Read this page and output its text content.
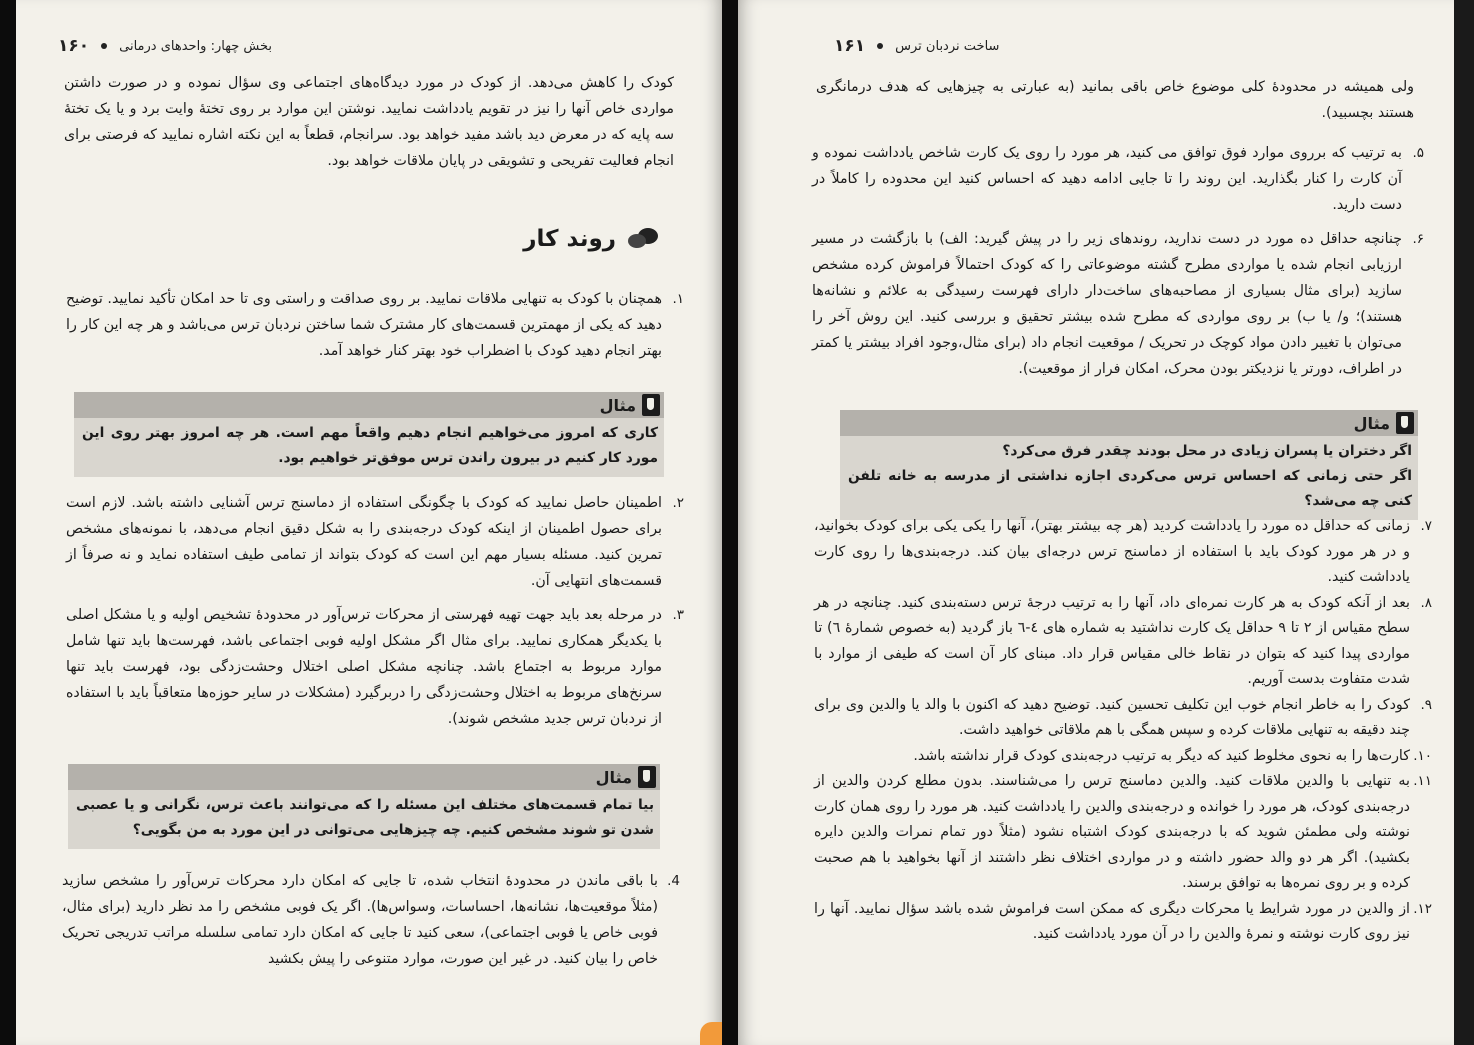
۱۶۰ بخش چهار: واحدهای درمانی

کودک را کاهش می‌دهد. از کودک در مورد دیدگاه‌های اجتماعی وی سؤال نموده و در صورت داشتن مواردی خاص آنها را نیز در تقویم یادداشت نمایید. نوشتن این موارد بر روی تختهٔ وایت برد و یا یک تختهٔ سه پایه که در معرض دید باشد مفید خواهد بود. سرانجام، قطعاً به این نکته اشاره نمایید که فرصتی برای انجام فعالیت تفریحی و تشویقی در پایان ملاقات خواهد بود.

روند کار
۱.
همچنان با کودک به تنهایی ملاقات نمایید. بر روی صداقت و راستی وی تا حد امکان تأکید نمایید. توضیح دهید که یکی از مهمترین قسمت‌های کار مشترک شما ساختن نردبان ترس می‌باشد و هر چه این کار را بهتر انجام دهید کودک با اضطراب خود بهتر کنار خواهد آمد.
مثال

کاری که امروز می‌خواهیم انجام دهیم واقعاً مهم است. هر چه امروز بهتر روی این مورد کار کنیم در بیرون راندن ترس موفق‌تر خواهیم بود.

۲.
اطمینان حاصل نمایید که کودک با چگونگی استفاده از دماسنج ترس آشنایی داشته باشد. لازم است برای حصول اطمینان از اینکه کودک درجه‌بندی را به شکل دقیق انجام می‌دهد، با نمونه‌های مشخص تمرین کنید. مسئله بسیار مهم این است که کودک بتواند از تمامی طیف استفاده نماید و نه صرفاً از قسمت‌های انتهایی آن.
۳.
در مرحله بعد باید جهت تهیه فهرستی از محرکات ترس‌آور در محدودهٔ تشخیص اولیه و یا مشکل اصلی با یکدیگر همکاری نمایید. برای مثال اگر مشکل اولیه فوبی اجتماعی باشد، فهرست‌ها باید تنها شامل موارد مربوط به اجتماع باشد. چنانچه مشکل اصلی اختلال وحشت‌زدگی بود، فهرست باید تنها سرنخ‌های مربوط به اختلال وحشت‌زدگی را دربرگیرد (مشکلات در سایر حوزه‌ها متعاقباً باید با استفاده از نردبان ترس جدید مشخص شوند).
مثال

بیا تمام قسمت‌های مختلف این مسئله را که می‌توانند باعث ترس، نگرانی و یا عصبی شدن تو شوند مشخص کنیم. چه چیزهایی می‌توانی در این مورد به من بگویی؟

4.
با باقی ماندن در محدودهٔ انتخاب شده، تا جایی که امکان دارد محرکات ترس‌آور را مشخص سازید (مثلاً موقعیت‌ها، نشانه‌ها، احساسات، وسواس‌ها). اگر یک فوبی مشخص را مد نظر دارید (برای مثال، فوبی خاص یا فوبی اجتماعی)، سعی کنید تا جایی که امکان دارد تمامی سلسله مراتب تدریجی تحریک خاص را بیان کنید. در غیر این صورت، موارد متنوعی را پیش بکشید
۱۶۱ ساخت نردبان ترس

ولی همیشه در محدودهٔ کلی موضوع خاص باقی بمانید (به عبارتی به چیزهایی که هدف درمانگری هستند بچسبید).

۵.
به ترتیب که برروی موارد فوق توافق می کنید، هر مورد را روی یک کارت شاخص یادداشت نموده و آن کارت را کنار بگذارید. این روند را تا جایی ادامه دهید که احساس کنید این محدوده را کاملاً در دست دارید.
۶.
چنانچه حداقل ده مورد در دست ندارید، روندهای زیر را در پیش گیرید: الف) با بازگشت در مسیر ارزیابی انجام شده یا مواردی مطرح گشته موضوعاتی را که کودک احتمالاً فراموش کرده مشخص سازید (برای مثال بسیاری از مصاحبه‌های ساخت‌دار دارای فهرست رسیدگی به علائم و نشانه‌ها هستند)؛ و/ یا ب) بر روی مواردی که مطرح شده بیشتر تحقیق و بررسی کنید. این روش آخر را می‌توان با تغییر دادن مواد کوچک در تحریک / موقعیت انجام داد (برای مثال،وجود افراد بیشتر یا کمتر در اطراف، دورتر یا نزدیکتر بودن محرک، امکان فرار از موقعیت).
مثال

اگر دختران یا پسران زیادی در محل بودند چقدر فرق می‌کرد؟

اگر حتی زمانی که احساس ترس می‌کردی اجازه نداشتی از مدرسه به خانه تلفن کنی چه می‌شد؟

۷.
زمانی که حداقل ده مورد را یادداشت کردید (هر چه بیشتر بهتر)، آنها را یکی یکی برای کودک بخوانید، و در هر مورد کودک باید با استفاده از دماسنج ترس درجه‌ای بیان کند. درجه‌بندی‌ها را روی کارت یادداشت کنید.
۸.
بعد از آنکه کودک به هر کارت نمره‌ای داد، آنها را به ترتیب درجهٔ ترس دسته‌بندی کنید. چنانچه در هر سطح مقیاس از ۲ تا ۹ حداقل یک کارت نداشتید به شماره های ٤-٦ باز گردید (به خصوص شمارهٔ ٦) تا مواردی پیدا کنید که بتوان در نقاط خالی مقیاس قرار داد. مبنای کار آن است که طیفی از موارد با شدت متفاوت بدست آوریم.
۹.
کودک را به خاطر انجام خوب این تکلیف تحسین کنید. توضیح دهید که اکنون با والد یا والدین وی برای چند دقیقه به تنهایی ملاقات کرده و سپس همگی با هم ملاقاتی خواهید داشت.
۱۰.
کارت‌ها را به نحوی مخلوط کنید که دیگر به ترتیب درجه‌بندی کودک قرار نداشته باشد.
۱۱.
به تنهایی با والدین ملاقات کنید. والدین دماسنج ترس را می‌شناسند. بدون مطلع کردن والدین از درجه‌بندی کودک، هر مورد را خوانده و درجه‌بندی والدین را یادداشت کنید. هر مورد را روی همان کارت نوشته ولی مطمئن شوید که با درجه‌بندی کودک اشتباه نشود (مثلاً دور تمام نمرات والدین دایره بکشید). اگر هر دو والد حضور داشته و در مواردی اختلاف نظر داشتند از آنها بخواهید با هم صحبت کرده و بر روی نمره‌ها به توافق برسند.
۱۲.
از والدین در مورد شرایط یا محرکات دیگری که ممکن است فراموش شده باشد سؤال نمایید. آنها را نیز روی کارت نوشته و نمرهٔ والدین را در آن مورد یادداشت کنید.
